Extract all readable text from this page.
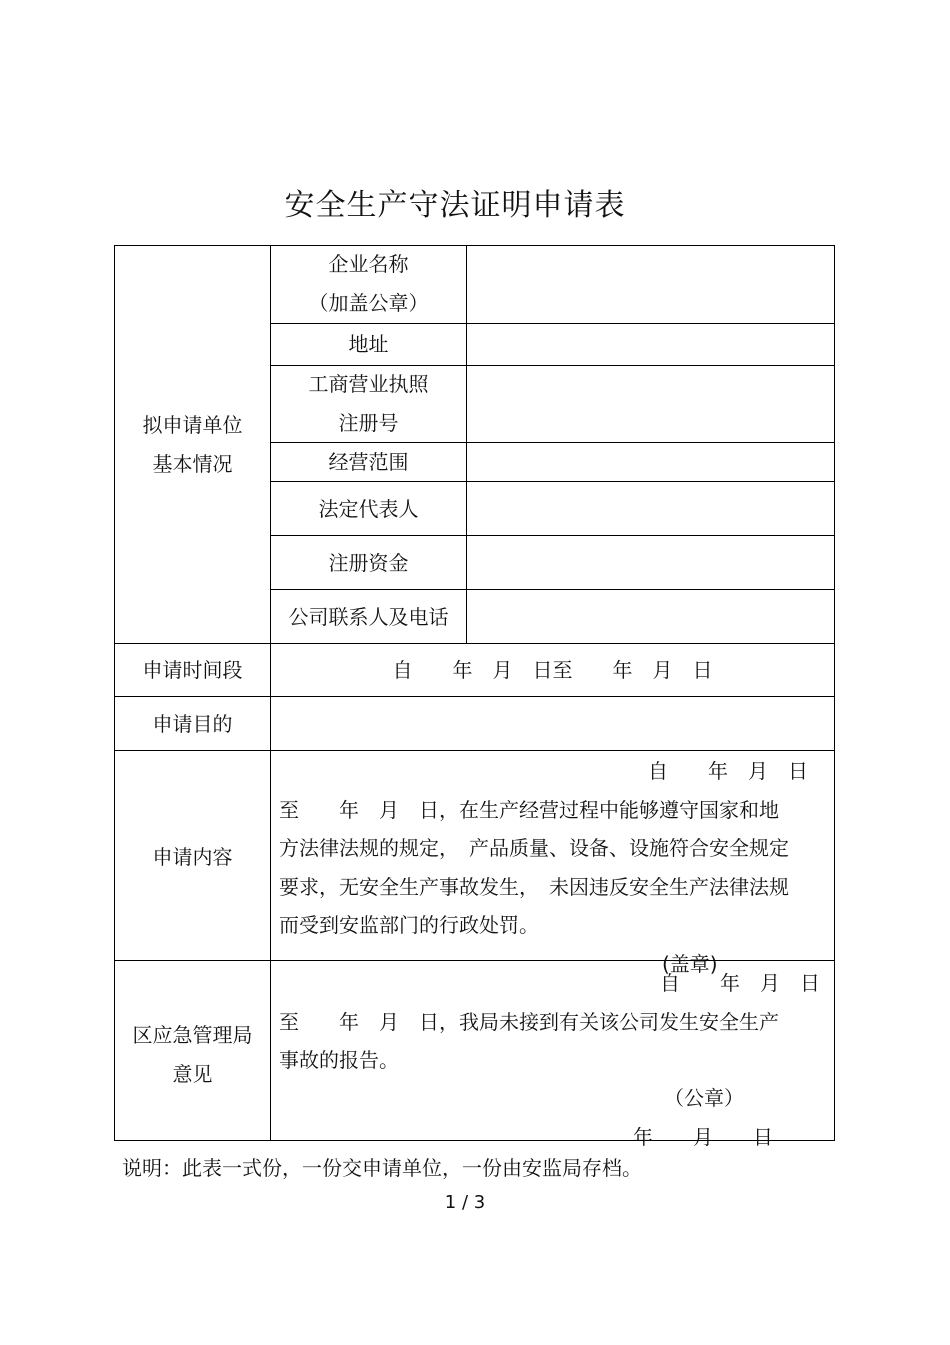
安全生产守法证明申请表
拟申请单位
基本情况
企业名称
（加盖公章）
地址
工商营业执照
注册号
经营范围
法定代表人
注册资金
公司联系人及电话
申请时间段	自　　年　月　日至　　年　月　日
申请目的
申请内容
自　　年　月　日
至　　年　月　日，在生产经营过程中能够遵守国家和地
方法律法规的规定，　产品质量、设备、设施符合安全规定
要求，无安全生产事故发生，　未因违反安全生产法律法规
而受到安监部门的行政处罚。
(盖章)
区应急管理局
意见
自　　年　月　日
至　　年　月　日，我局未接到有关该公司发生安全生产
事故的报告。
（公章）
年　　月　　日
说明：此表一式份，一份交申请单位，一份由安监局存档。
1 / 3
